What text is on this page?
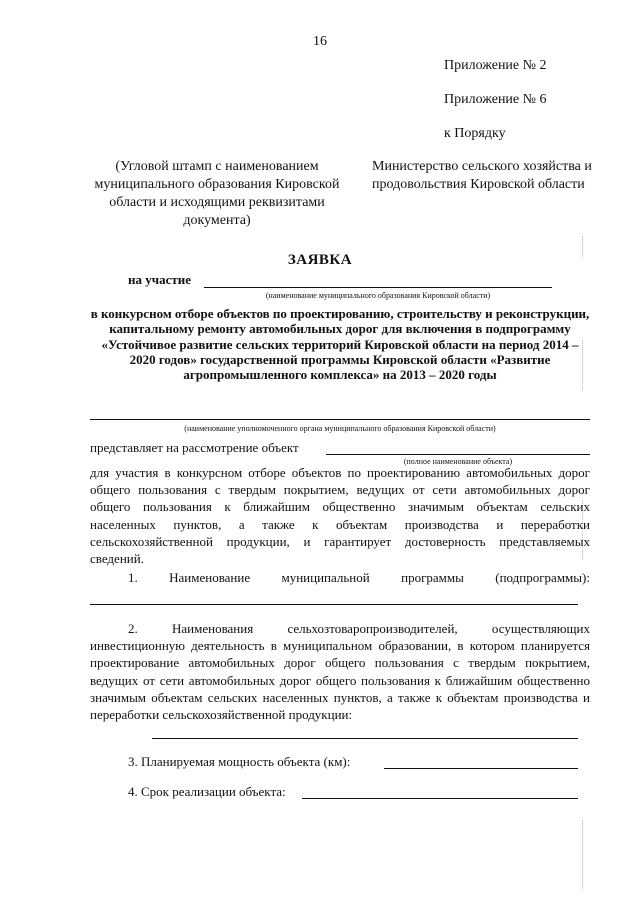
16
Приложение № 2
Приложение № 6
к Порядку
(Угловой штамп с наименованием муниципального образования Кировской области и исходящими реквизитами документа)
Министерство сельского хозяйства и продовольствия Кировской области
ЗАЯВКА
на участие
(наименование муниципального образования Кировской области)
в конкурсном отборе объектов по проектированию, строительству и реконструкции, капитальному ремонту автомобильных дорог для включения в подпрограмму «Устойчивое развитие сельских территорий Кировской области на период 2014 – 2020 годов» государственной программы Кировской области «Развитие агропромышленного комплекса» на 2013 – 2020 годы
(наименование уполномоченного органа муниципального образования Кировской области)
представляет на рассмотрение объект
(полное наименование объекта)

для участия в конкурсном отборе объектов по проектированию автомобильных дорог общего пользования с твердым покрытием, ведущих от сети автомобильных дорог общего пользования к ближайшим общественно значимым объектам сельских населенных пунктов, а также к объектам производства и переработки сельскохозяйственной продукции, и гарантирует достоверность представляемых сведений.

1. Наименование муниципальной программы (подпрограммы):

2. Наименования сельхозтоваропроизводителей, осуществляющих инвестиционную деятельность в муниципальном образовании, в котором планируется проектирование автомобильных дорог общего пользования с твердым покрытием, ведущих от сети автомобильных дорог общего пользования к ближайшим общественно значимым объектам сельских населенных пунктов, а также к объектам производства и переработки сельскохозяйственной продукции:

3. Планируемая мощность объекта (км):
4. Срок реализации объекта:
